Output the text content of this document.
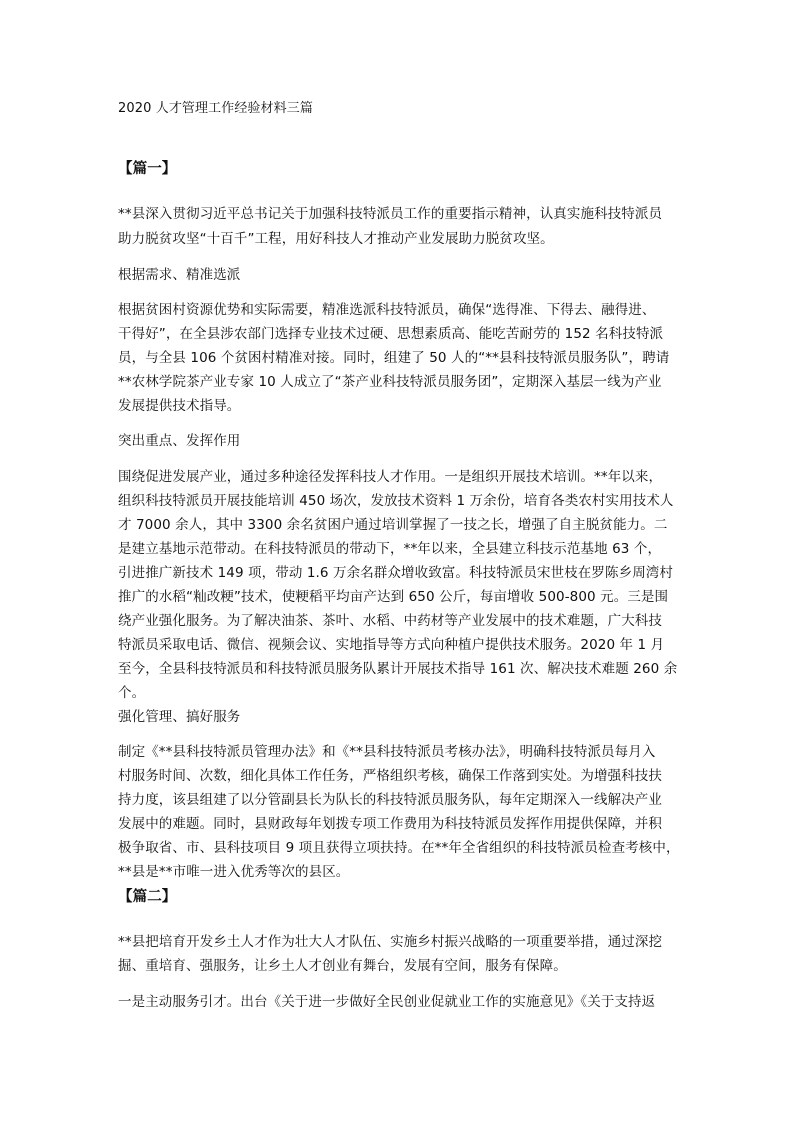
2020 人才管理工作经验材料三篇

【篇一】

**县深入贯彻习近平总书记关于加强科技特派员工作的重要指示精神，认真实施科技特派员

助力脱贫攻坚“十百千”工程，用好科技人才推动产业发展助力脱贫攻坚。

根据需求、精准选派

根据贫困村资源优势和实际需要，精准选派科技特派员，确保“选得准、下得去、融得进、

干得好”，在全县涉农部门选择专业技术过硬、思想素质高、能吃苦耐劳的 152 名科技特派

员，与全县 106 个贫困村精准对接。同时，组建了 50 人的“**县科技特派员服务队”，聘请

**农林学院茶产业专家 10 人成立了“茶产业科技特派员服务团”，定期深入基层一线为产业

发展提供技术指导。

突出重点、发挥作用

围绕促进发展产业，通过多种途径发挥科技人才作用。一是组织开展技术培训。**年以来，

组织科技特派员开展技能培训 450 场次，发放技术资料 1 万余份，培育各类农村实用技术人

才 7000 余人，其中 3300 余名贫困户通过培训掌握了一技之长，增强了自主脱贫能力。二

是建立基地示范带动。在科技特派员的带动下，**年以来，全县建立科技示范基地 63 个，

引进推广新技术 149 项，带动 1.6 万余名群众增收致富。科技特派员宋世枝在罗陈乡周湾村

推广的水稻“籼改粳”技术，使粳稻平均亩产达到 650 公斤，每亩增收 500-800 元。三是围

绕产业强化服务。为了解决油茶、茶叶、水稻、中药材等产业发展中的技术难题，广大科技

特派员采取电话、微信、视频会议、实地指导等方式向种植户提供技术服务。2020 年 1 月

至今，全县科技特派员和科技特派员服务队累计开展技术指导 161 次、解决技术难题 260 余

个。

强化管理、搞好服务

制定《**县科技特派员管理办法》和《**县科技特派员考核办法》，明确科技特派员每月入

村服务时间、次数，细化具体工作任务，严格组织考核，确保工作落到实处。为增强科技扶

持力度，该县组建了以分管副县长为队长的科技特派员服务队，每年定期深入一线解决产业

发展中的难题。同时，县财政每年划拨专项工作费用为科技特派员发挥作用提供保障，并积

极争取省、市、县科技项目 9 项且获得立项扶持。在**年全省组织的科技特派员检查考核中，

**县是**市唯一进入优秀等次的县区。

【篇二】

**县把培育开发乡土人才作为壮大人才队伍、实施乡村振兴战略的一项重要举措，通过深挖

掘、重培育、强服务，让乡土人才创业有舞台，发展有空间，服务有保障。

一是主动服务引才。出台《关于进一步做好全民创业促就业工作的实施意见》《关于支持返
